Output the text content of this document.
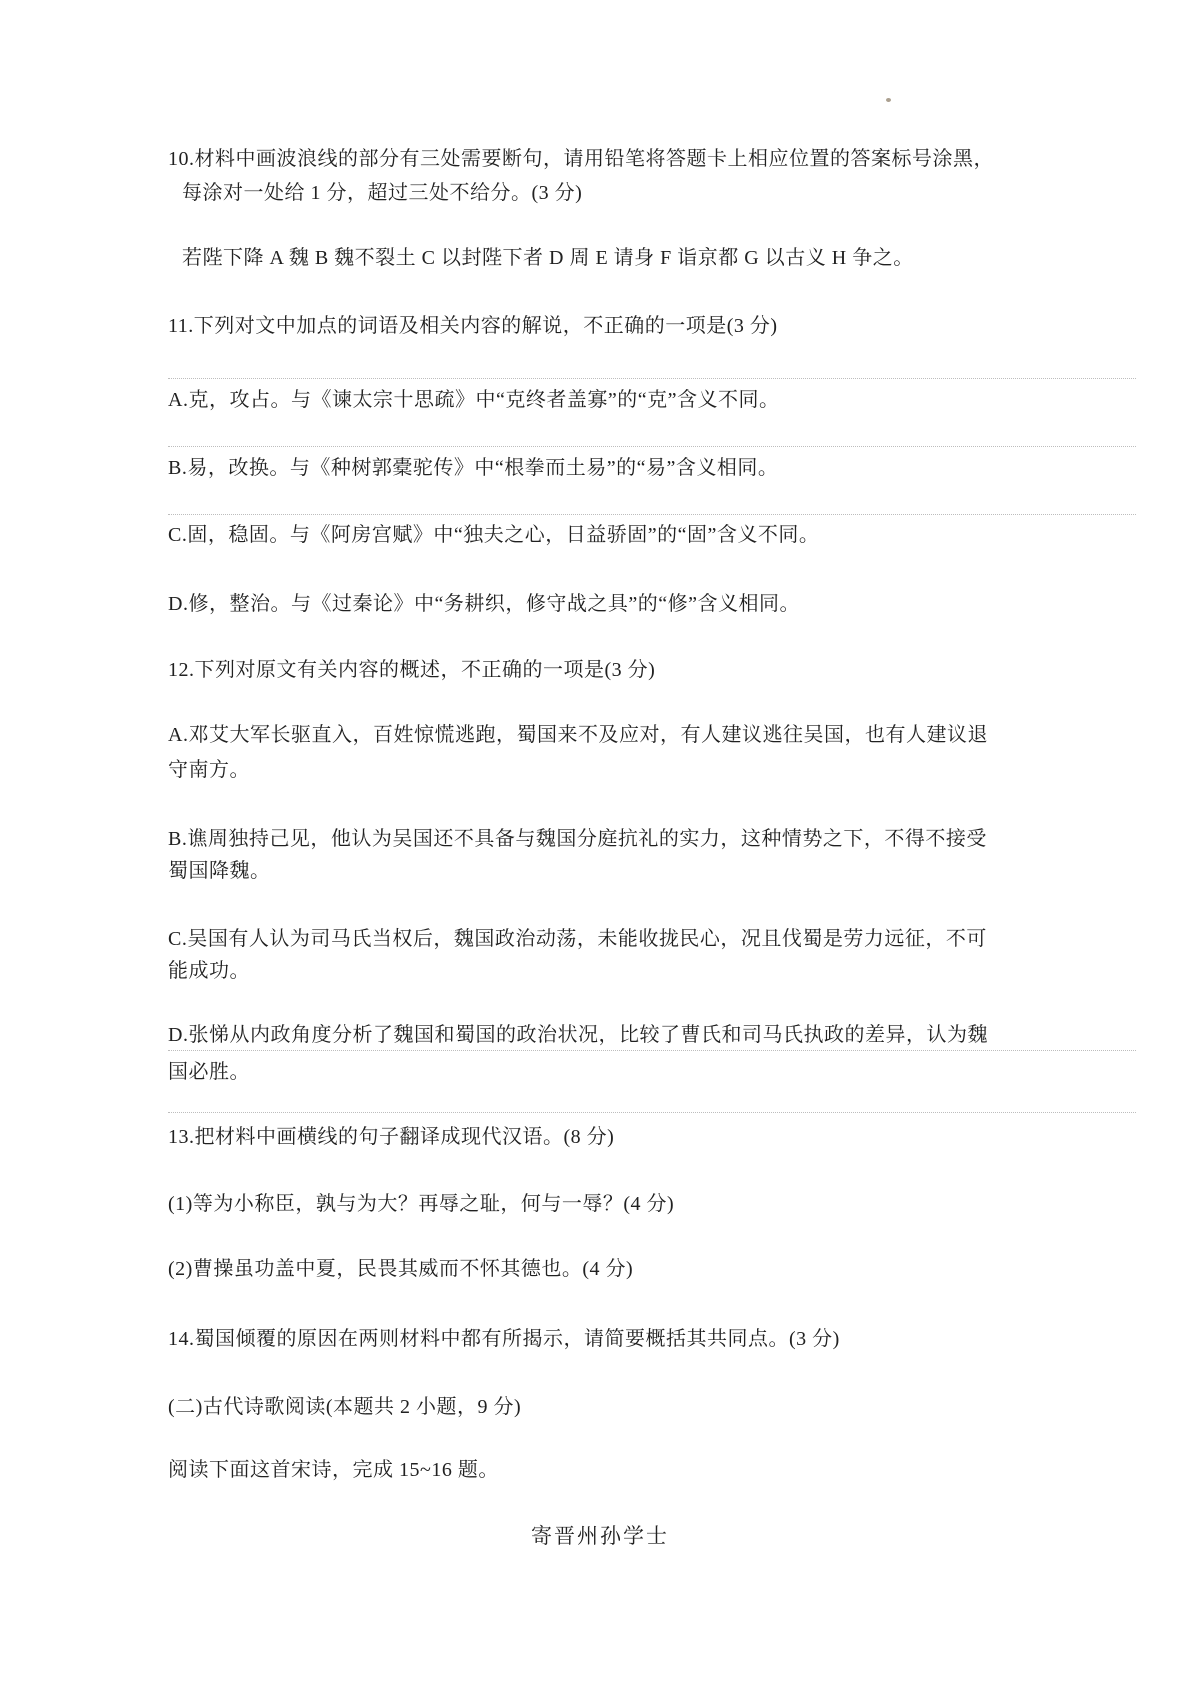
10.材料中画波浪线的部分有三处需要断句，请用铅笔将答题卡上相应位置的答案标号涂黑，
每涂对一处给 1 分，超过三处不给分。(3 分)
若陛下降 A 魏 B 魏不裂土 C 以封陛下者 D 周 E 请身 F 诣京都 G 以古义 H 争之。
11.下列对文中加点的词语及相关内容的解说，不正确的一项是(3 分)
A.克，攻占。与《谏太宗十思疏》中“克终者盖寡”的“克”含义不同。
B.易，改换。与《种树郭橐驼传》中“根拳而土易”的“易”含义相同。
C.固，稳固。与《阿房宫赋》中“独夫之心，日益骄固”的“固”含义不同。
D.修，整治。与《过秦论》中“务耕织，修守战之具”的“修”含义相同。
12.下列对原文有关内容的概述，不正确的一项是(3 分)
A.邓艾大军长驱直入，百姓惊慌逃跑，蜀国来不及应对，有人建议逃往吴国，也有人建议退
守南方。
B.谯周独持己见，他认为吴国还不具备与魏国分庭抗礼的实力，这种情势之下，不得不接受
蜀国降魏。
C.吴国有人认为司马氏当权后，魏国政治动荡，未能收拢民心，况且伐蜀是劳力远征，不可
能成功。
D.张悌从内政角度分析了魏国和蜀国的政治状况，比较了曹氏和司马氏执政的差异，认为魏
国必胜。
13.把材料中画横线的句子翻译成现代汉语。(8 分)
(1)等为小称臣，孰与为大？再辱之耻，何与一辱？(4 分)
(2)曹操虽功盖中夏，民畏其威而不怀其德也。(4 分)
14.蜀国倾覆的原因在两则材料中都有所揭示，请简要概括其共同点。(3 分)
(二)古代诗歌阅读(本题共 2 小题，9 分)
阅读下面这首宋诗，完成 15~16 题。
寄晋州孙学士
